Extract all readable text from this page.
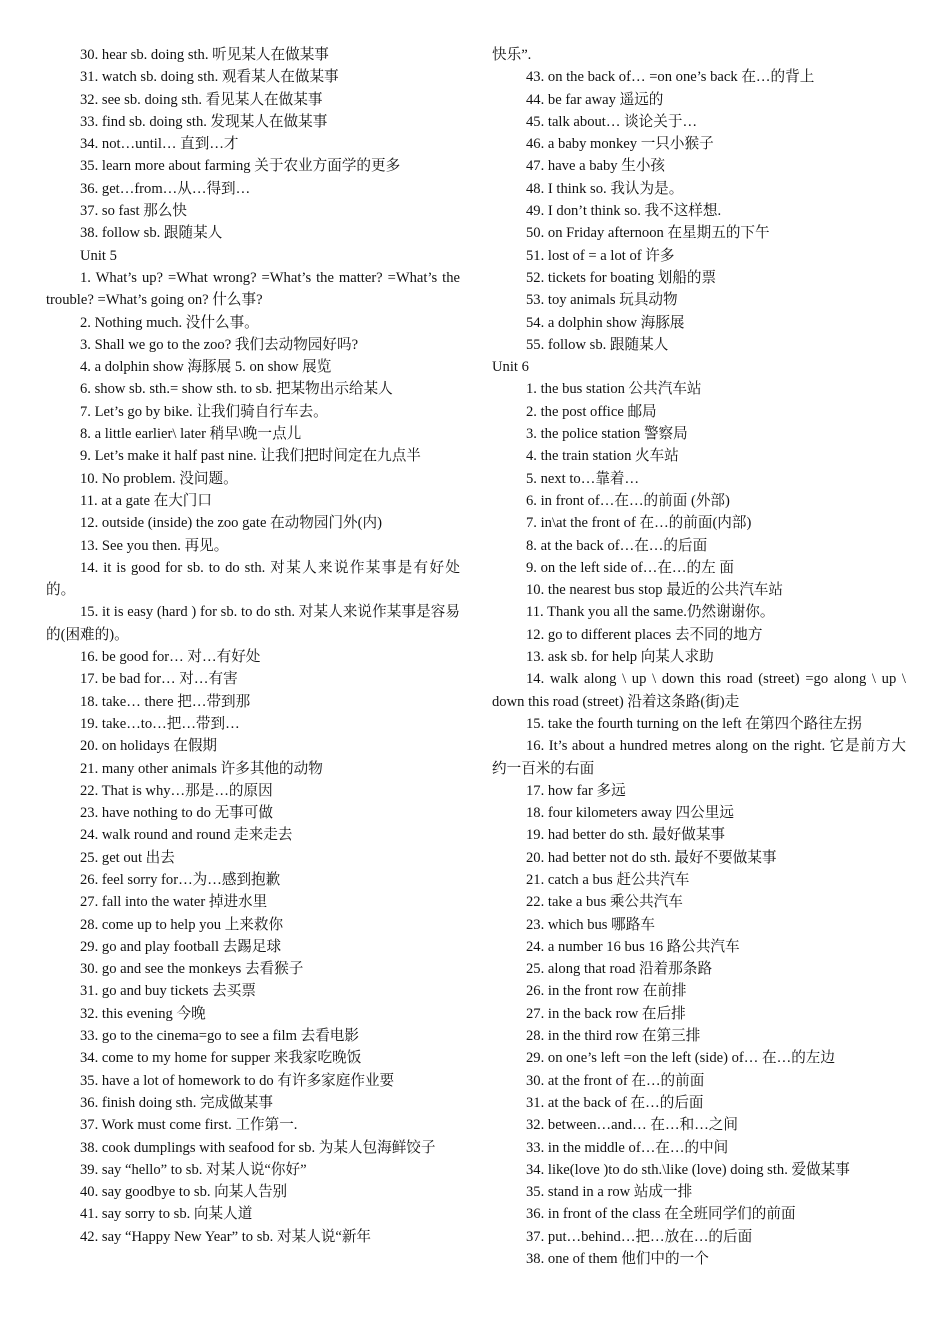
30. hear sb. doing sth. 听见某人在做某事
31. watch sb. doing sth. 观看某人在做某事
32. see sb. doing sth. 看见某人在做某事
33. find sb. doing sth. 发现某人在做某事
34. not…until… 直到…才
35. learn more about farming 关于农业方面学的更多
36. get…from…从…得到…
37. so fast 那么快
38. follow sb. 跟随某人
Unit 5
1. What’s up? =What wrong? =What’s the matter? =What’s the trouble? =What’s going on? 什么事?
2. Nothing much. 没什么事。
3. Shall we go to the zoo? 我们去动物园好吗?
4. a dolphin show 海豚展 5. on show 展览
6. show sb. sth.= show sth. to sb. 把某物出示给某人
7. Let’s go by bike. 让我们骑自行车去。
8. a little earlier\ later 稍早\晚一点儿
9. Let’s make it half past nine. 让我们把时间定在九点半
10. No problem. 没问题。
11. at a gate 在大门口
12. outside (inside) the zoo gate 在动物园门外(内)
13. See you then. 再见。
14. it is good for sb. to do sth. 对某人来说作某事是有好处的。
15. it is easy (hard ) for sb. to do sth. 对某人来说作某事是容易的(困难的)。
16. be good for… 对…有好处
17. be bad for… 对…有害
18. take… there 把…带到那
19. take…to…把…带到…
20. on holidays 在假期
21. many other animals 许多其他的动物
22. That is why…那是…的原因
23. have nothing to do 无事可做
24. walk round and round 走来走去
25. get out 出去
26. feel sorry for…为…感到抱歉
27. fall into the water 掉进水里
28. come up to help you 上来救你
29. go and play football 去踢足球
30. go and see the monkeys 去看猴子
31. go and buy tickets 去买票
32. this evening 今晚
33. go to the cinema=go to see a film 去看电影
34. come to my home for supper 来我家吃晚饭
35. have a lot of homework to do 有许多家庭作业要
36. finish doing sth. 完成做某事
37. Work must come first. 工作第一.
38. cook dumplings with seafood for sb. 为某人包海鲜饺子
39. say “hello” to sb. 对某人说“你好”
40. say goodbye to sb. 向某人告别
41. say sorry to sb. 向某人道
42. say “Happy New Year” to sb. 对某人说“新年
快乐”.
43. on the back of… =on one’s back 在…的背上
44. be far away 遥远的
45. talk about… 谈论关于…
46. a baby monkey 一只小猴子
47. have a baby 生小孩
48. I think so. 我认为是。
49. I don’t think so. 我不这样想.
50. on Friday afternoon 在星期五的下午
51. lost of = a lot of 许多
52. tickets for boating 划船的票
53. toy animals 玩具动物
54. a dolphin show 海豚展
55. follow sb. 跟随某人
Unit 6
1. the bus station 公共汽车站
2. the post office 邮局
3. the police station 警察局
4. the train station 火车站
5. next to…靠着…
6. in front of…在…的前面 (外部)
7. in\at the front of 在…的前面(内部)
8. at the back of…在…的后面
9. on the left side of…在…的左 面
10. the nearest bus stop 最近的公共汽车站
11. Thank you all the same.仍然谢谢你。
12. go to different places 去不同的地方
13. ask sb. for help 向某人求助
14. walk along \ up \ down this road (street) =go along \ up \ down this road (street) 沿着这条路(街)走
15. take the fourth turning on the left 在第四个路往左拐
16. It’s about a hundred metres along on the right. 它是前方大约一百米的右面
17. how far 多远
18. four kilometers away 四公里远
19. had better do sth. 最好做某事
20. had better not do sth. 最好不要做某事
21. catch a bus 赶公共汽车
22. take a bus 乘公共汽车
23. which bus 哪路车
24. a number 16 bus 16 路公共汽车
25. along that road 沿着那条路
26. in the front row 在前排
27. in the back row 在后排
28. in the third row 在第三排
29. on one’s left =on the left (side) of… 在…的左边
30. at the front of 在…的前面
31. at the back of 在…的后面
32. between…and… 在…和…之间
33. in the middle of…在…的中间
34. like(love )to do sth.\like (love) doing sth. 爱做某事
35. stand in a row 站成一排
36. in front of the class 在全班同学们的前面
37. put…behind…把…放在…的后面
38. one of them 他们中的一个
